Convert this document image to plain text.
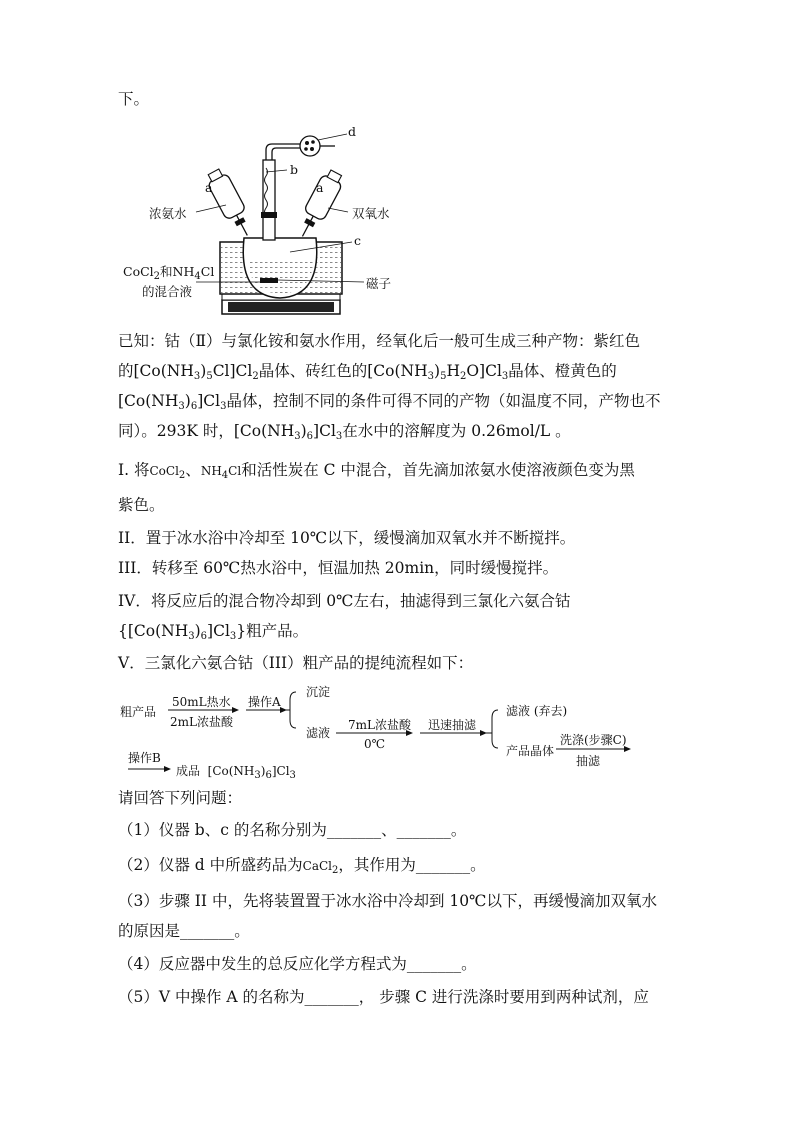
下。
d
b
a	a
浓氨水	双氧水
c
CoCl$_2$和$NH_4Cl$
的混合液
磁子
已知：钴（Ⅱ）与氯化铵和氨水作用，经氧化后一般可生成三种产物：紫红色
的$[Co(NH_3)_5Cl]Cl_2$晶体、砖红色的$[Co(NH_3)_5H_2O]Cl_3$晶体、橙黄色的
$[Co(NH_3)_6]Cl_3$晶体，控制不同的条件可得不同的产物（如温度不同，产物也不
同）。293K 时，$[Co(NH_3)_6]Cl_3$在水中的溶解度为 0.26mol/L 。
I. 将CoCl$_2$、$NH_4Cl$和活性炭在 C 中混合，首先滴加浓氨水使溶液颜色变为黑
紫色。
II．置于冰水浴中冷却至 10℃以下，缓慢滴加双氧水并不断搅拌。
III．转移至 60℃热水浴中，恒温加热 20min，同时缓慢搅拌。
IV．将反应后的混合物冷却到 0℃左右，抽滤得到三氯化六氨合钴
$\{[Co(NH_3)_6]Cl_3\}$粗产品。
V．三氯化六氨合钴（III）粗产品的提纯流程如下：
粗产品
50mL热水
2mL浓盐酸
操作A
沉淀
滤液
7mL浓盐酸
0℃
迅速抽滤
滤液 (弃去)
产品晶体
洗涤(步骤C)
抽滤
操作B
成品 $[Co(NH_3)_6]Cl_3$
请回答下列问题：
（1）仪器 b、c 的名称分别为_______、_______。
（2）仪器 d 中所盛药品为CaCl$_2$，其作用为_______。
（3）步骤 II 中，先将装置置于冰水浴中冷却到 10℃以下，再缓慢滴加双氧水
的原因是_______。
（4）反应器中发生的总反应化学方程式为_______。
（5）V 中操作 A 的名称为_______， 步骤 C 进行洗涤时要用到两种试剂，应
